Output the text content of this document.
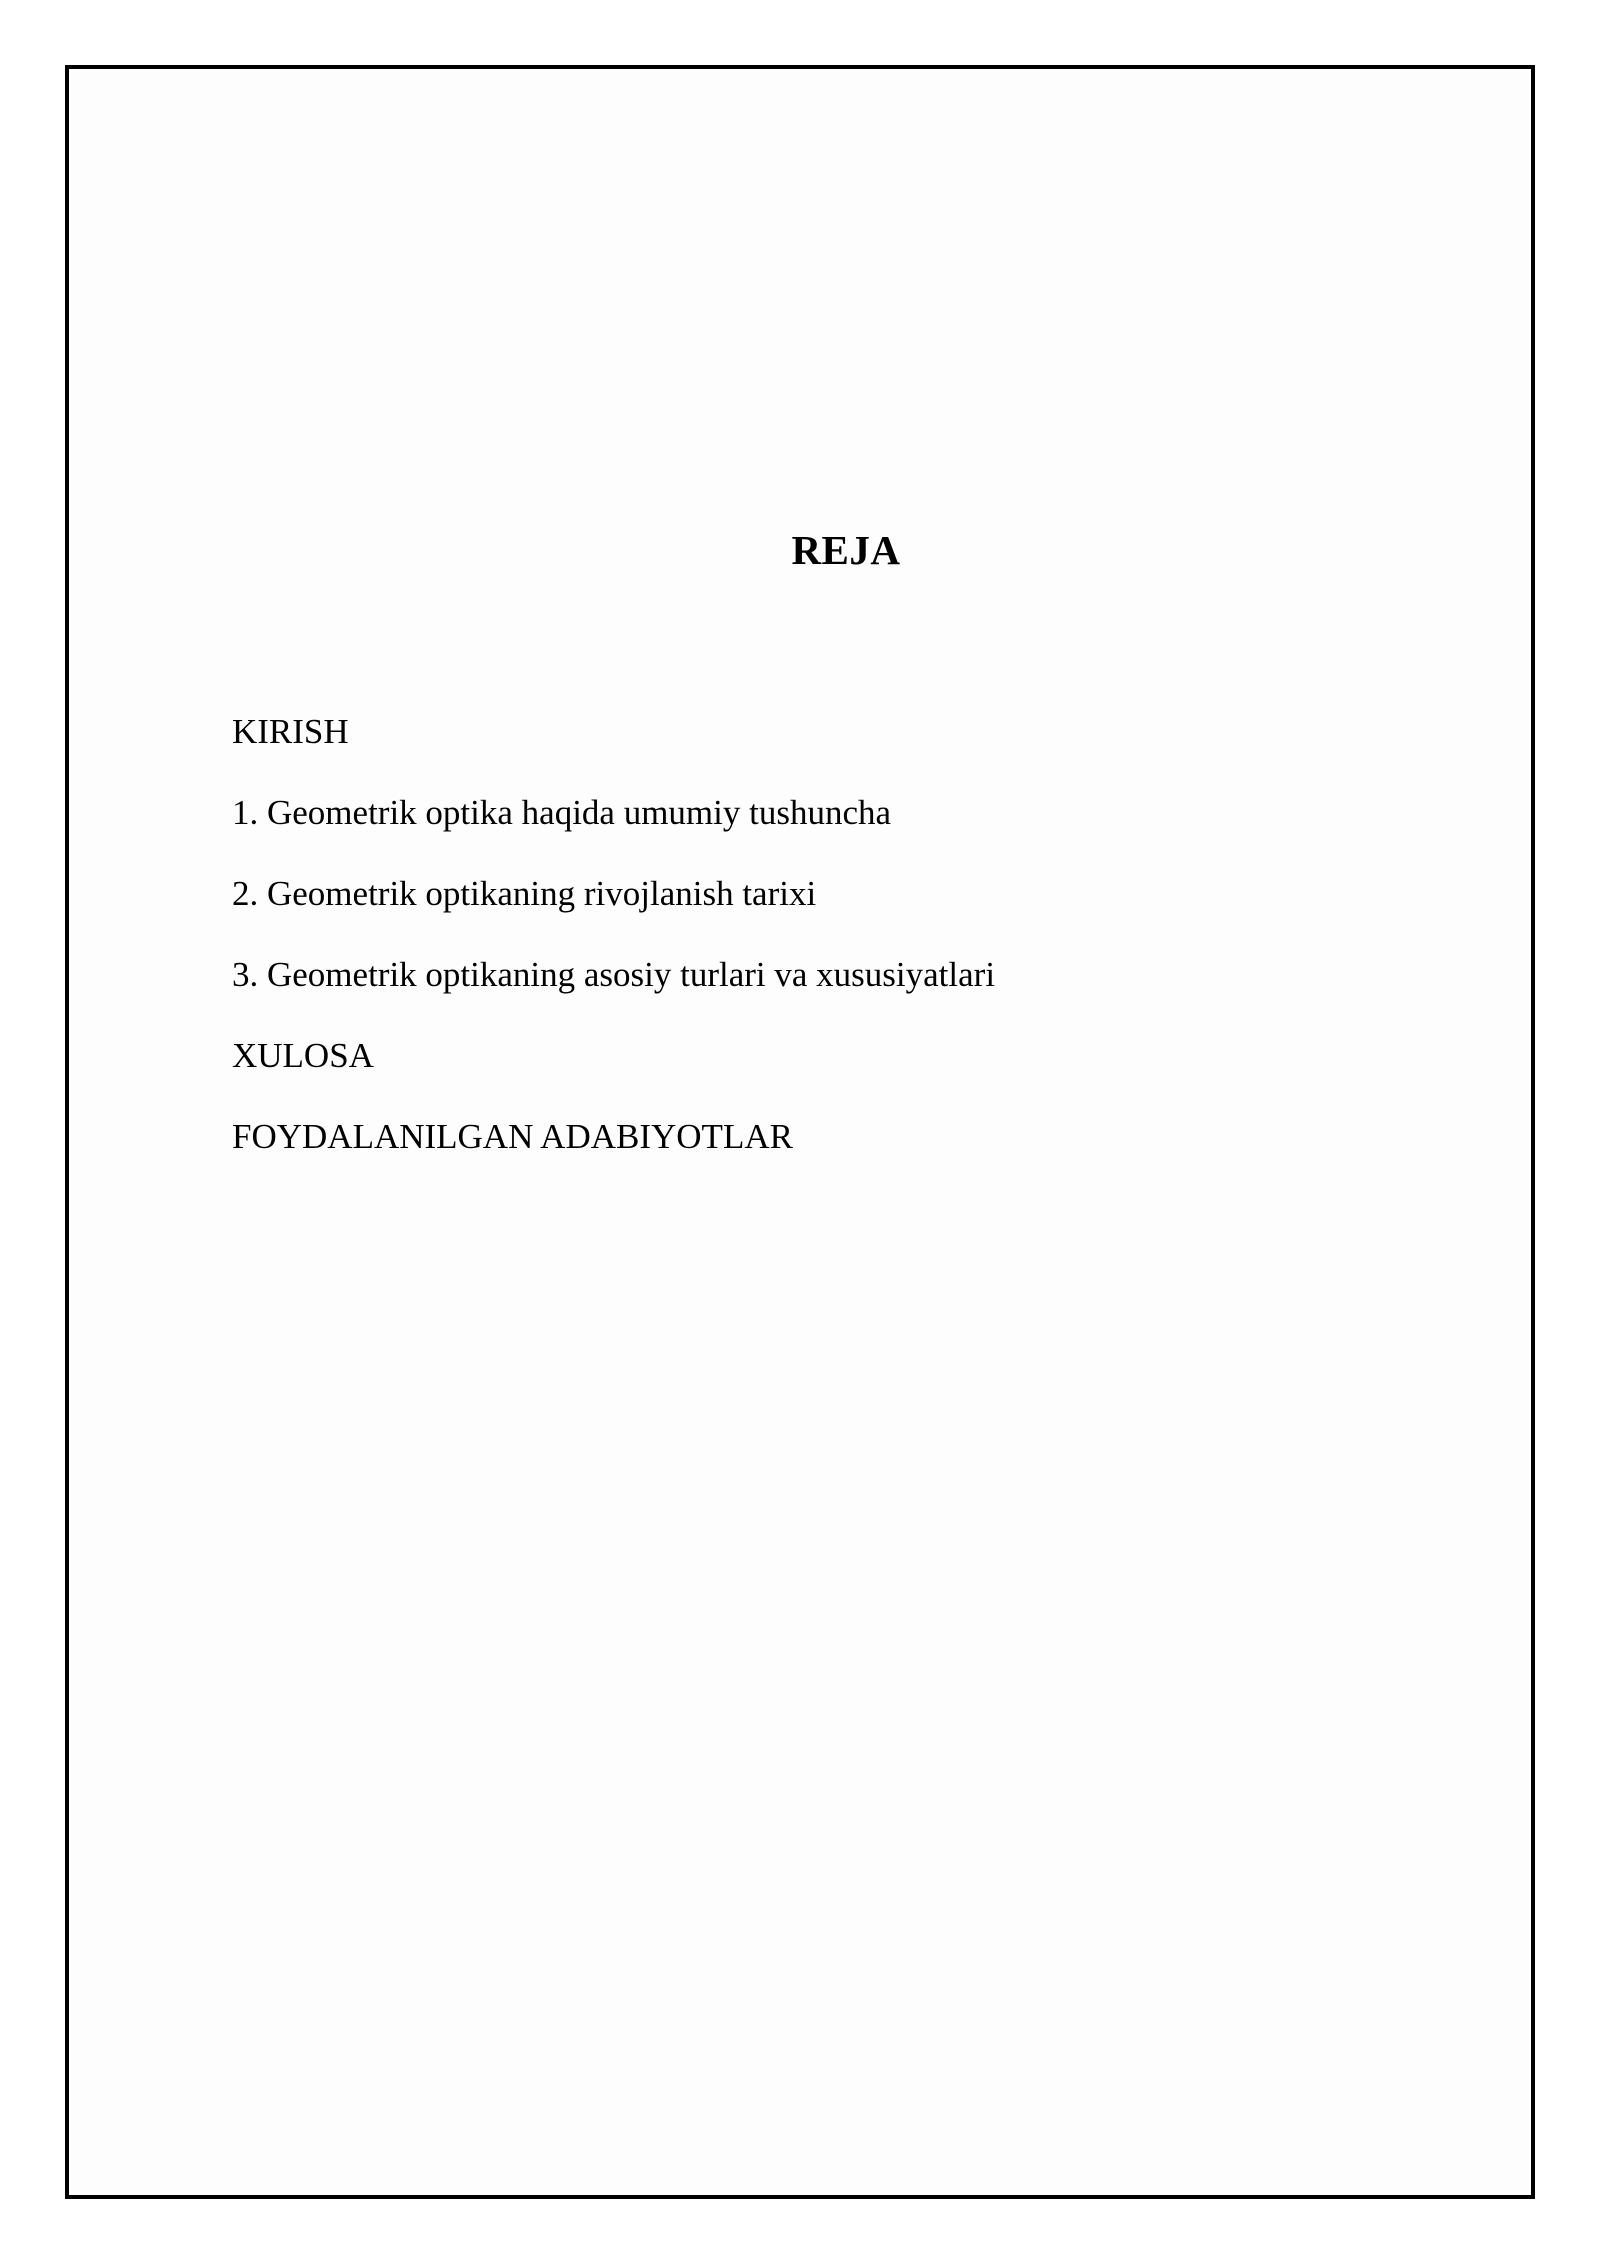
REJA
KIRISH
1. Geometrik optika haqida umumiy tushuncha
2. Geometrik optikaning rivojlanish tarixi
3. Geometrik optikaning asosiy turlari va xususiyatlari
XULOSA
FOYDALANILGAN ADABIYOTLAR
